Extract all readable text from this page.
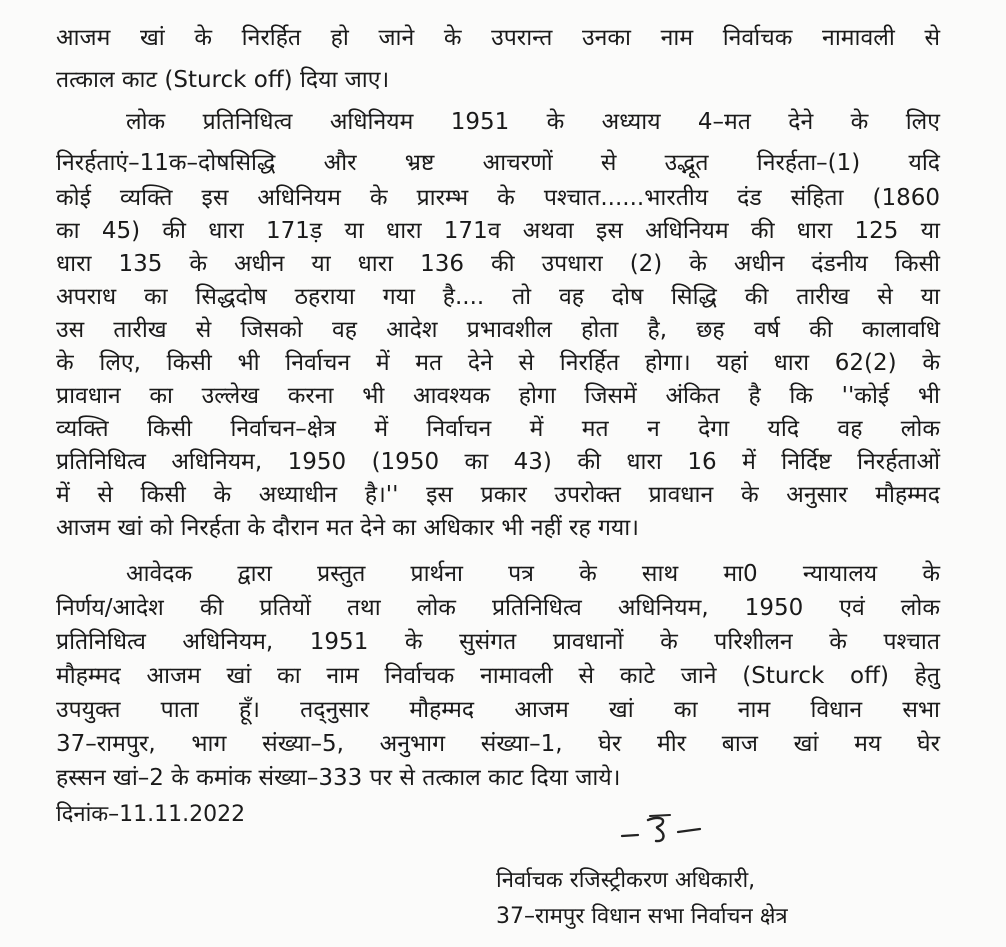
आजम खां के निरर्हित हो जाने के उपरान्त उनका नाम निर्वाचक नामावली से
तत्काल काट (Sturck off) दिया जाए।
लोक प्रतिनिधित्व अधिनियम 1951 के अध्याय 4–मत देने के लिए
निरर्हताएं–11क–दोषसिद्धि और भ्रष्ट आचरणों से उद्भूत निरर्हता–(1) यदि
कोई व्यक्ति इस अधिनियम के प्रारम्भ के पश्चात......भारतीय दंड संहिता (1860
का 45) की धारा 171ड़ या धारा 171व अथवा इस अधिनियम की धारा 125 या
धारा 135 के अधीन या धारा 136 की उपधारा (2) के अधीन दंडनीय किसी
अपराध का सिद्धदोष ठहराया गया है.... तो वह दोष सिद्धि की तारीख से या
उस तारीख से जिसको वह आदेश प्रभावशील होता है, छह वर्ष की कालावधि
के लिए, किसी भी निर्वाचन में मत देने से निरर्हित होगा। यहां धारा 62(2) के
प्रावधान का उल्लेख करना भी आवश्यक होगा जिसमें अंकित है कि ''कोई भी
व्यक्ति किसी निर्वाचन–क्षेत्र में निर्वाचन में मत न देगा यदि वह लोक
प्रतिनिधित्व अधिनियम, 1950 (1950 का 43) की धारा 16 में निर्दिष्ट निरर्हताओं
में से किसी के अध्याधीन है।'' इस प्रकार उपरोक्त प्रावधान के अनुसार मौहम्मद
आजम खां को निरर्हता के दौरान मत देने का अधिकार भी नहीं रह गया।
आवेदक द्वारा प्रस्तुत प्रार्थना पत्र के साथ मा0 न्यायालय के
निर्णय/आदेश की प्रतियों तथा लोक प्रतिनिधित्व अधिनियम, 1950 एवं लोक
प्रतिनिधित्व अधिनियम, 1951 के सुसंगत प्रावधानों के परिशीलन के पश्चात
मौहम्मद आजम खां का नाम निर्वाचक नामावली से काटे जाने (Sturck off) हेतु
उपयुक्त पाता हूँ। तद्नुसार मौहम्मद आजम खां का नाम विधान सभा
37–रामपुर, भाग संख्या–5, अनुभाग संख्या–1, घेर मीर बाज खां मय घेर
हस्सन खां–2 के कमांक संख्या–333 पर से तत्काल काट दिया जाये।
दिनांक–11.11.2022
निर्वाचक रजिस्ट्रीकरण अधिकारी,
37–रामपुर विधान सभा निर्वाचन क्षेत्र
